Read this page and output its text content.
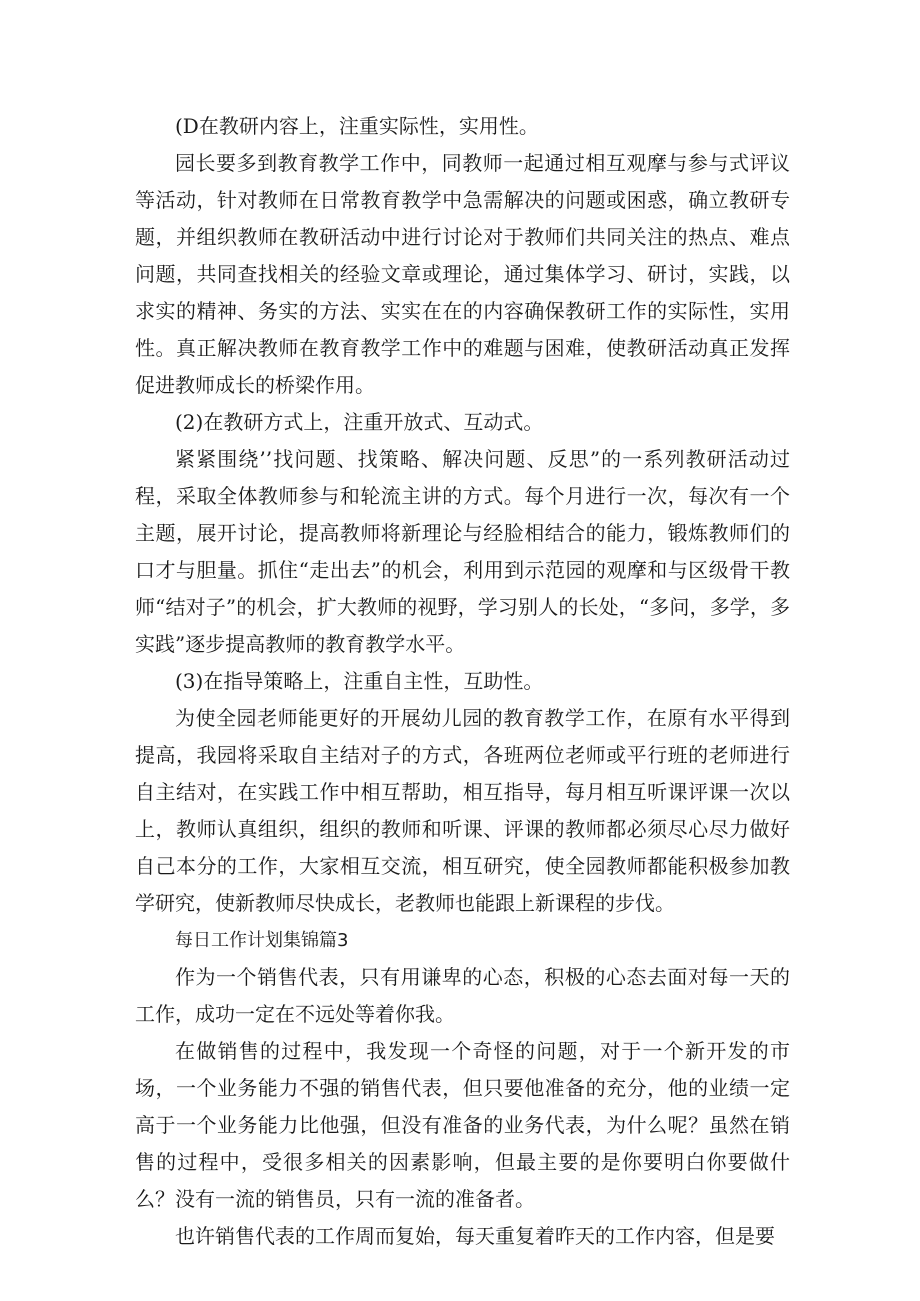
(D在教研内容上，注重实际性，实用性。

园长要多到教育教学工作中，同教师一起通过相互观摩与参与式评议等活动，针对教师在日常教育教学中急需解决的问题或困惑，确立教研专题，并组织教师在教研活动中进行讨论对于教师们共同关注的热点、难点问题，共同查找相关的经验文章或理论，通过集体学习、研讨，实践，以求实的精神、务实的方法、实实在在的内容确保教研工作的实际性，实用性。真正解决教师在教育教学工作中的难题与困难，使教研活动真正发挥促进教师成长的桥梁作用。

(2)在教研方式上，注重开放式、互动式。

紧紧围绕’’找问题、找策略、解决问题、反思”的一系列教研活动过程，采取全体教师参与和轮流主讲的方式。每个月进行一次，每次有一个主题，展开讨论，提高教师将新理论与经脸相结合的能力，锻炼教师们的口才与胆量。抓住“走出去”的机会，利用到示范园的观摩和与区级骨干教师“结对子”的机会，扩大教师的视野，学习别人的长处，“多问，多学，多实践”逐步提高教师的教育教学水平。

(3)在指导策略上，注重自主性，互助性。

为使全园老师能更好的开展幼儿园的教育教学工作，在原有水平得到提高，我园将采取自主结对子的方式，各班两位老师或平行班的老师进行自主结对，在实践工作中相互帮助，相互指导，每月相互听课评课一次以上，教师认真组织，组织的教师和听课、评课的教师都必须尽心尽力做好自己本分的工作，大家相互交流，相互研究，使全园教师都能积极参加教学研究，使新教师尽快成长，老教师也能跟上新课程的步伐。

每日工作计划集锦篇3

作为一个销售代表，只有用谦卑的心态，积极的心态去面对每一天的工作，成功一定在不远处等着你我。

在做销售的过程中，我发现一个奇怪的问题，对于一个新开发的市场，一个业务能力不强的销售代表，但只要他准备的充分，他的业绩一定高于一个业务能力比他强，但没有准备的业务代表，为什么呢？虽然在销售的过程中，受很多相关的因素影响，但最主要的是你要明白你要做什么？没有一流的销售员，只有一流的准备者。

也许销售代表的工作周而复始，每天重复着昨天的工作内容，但是要
